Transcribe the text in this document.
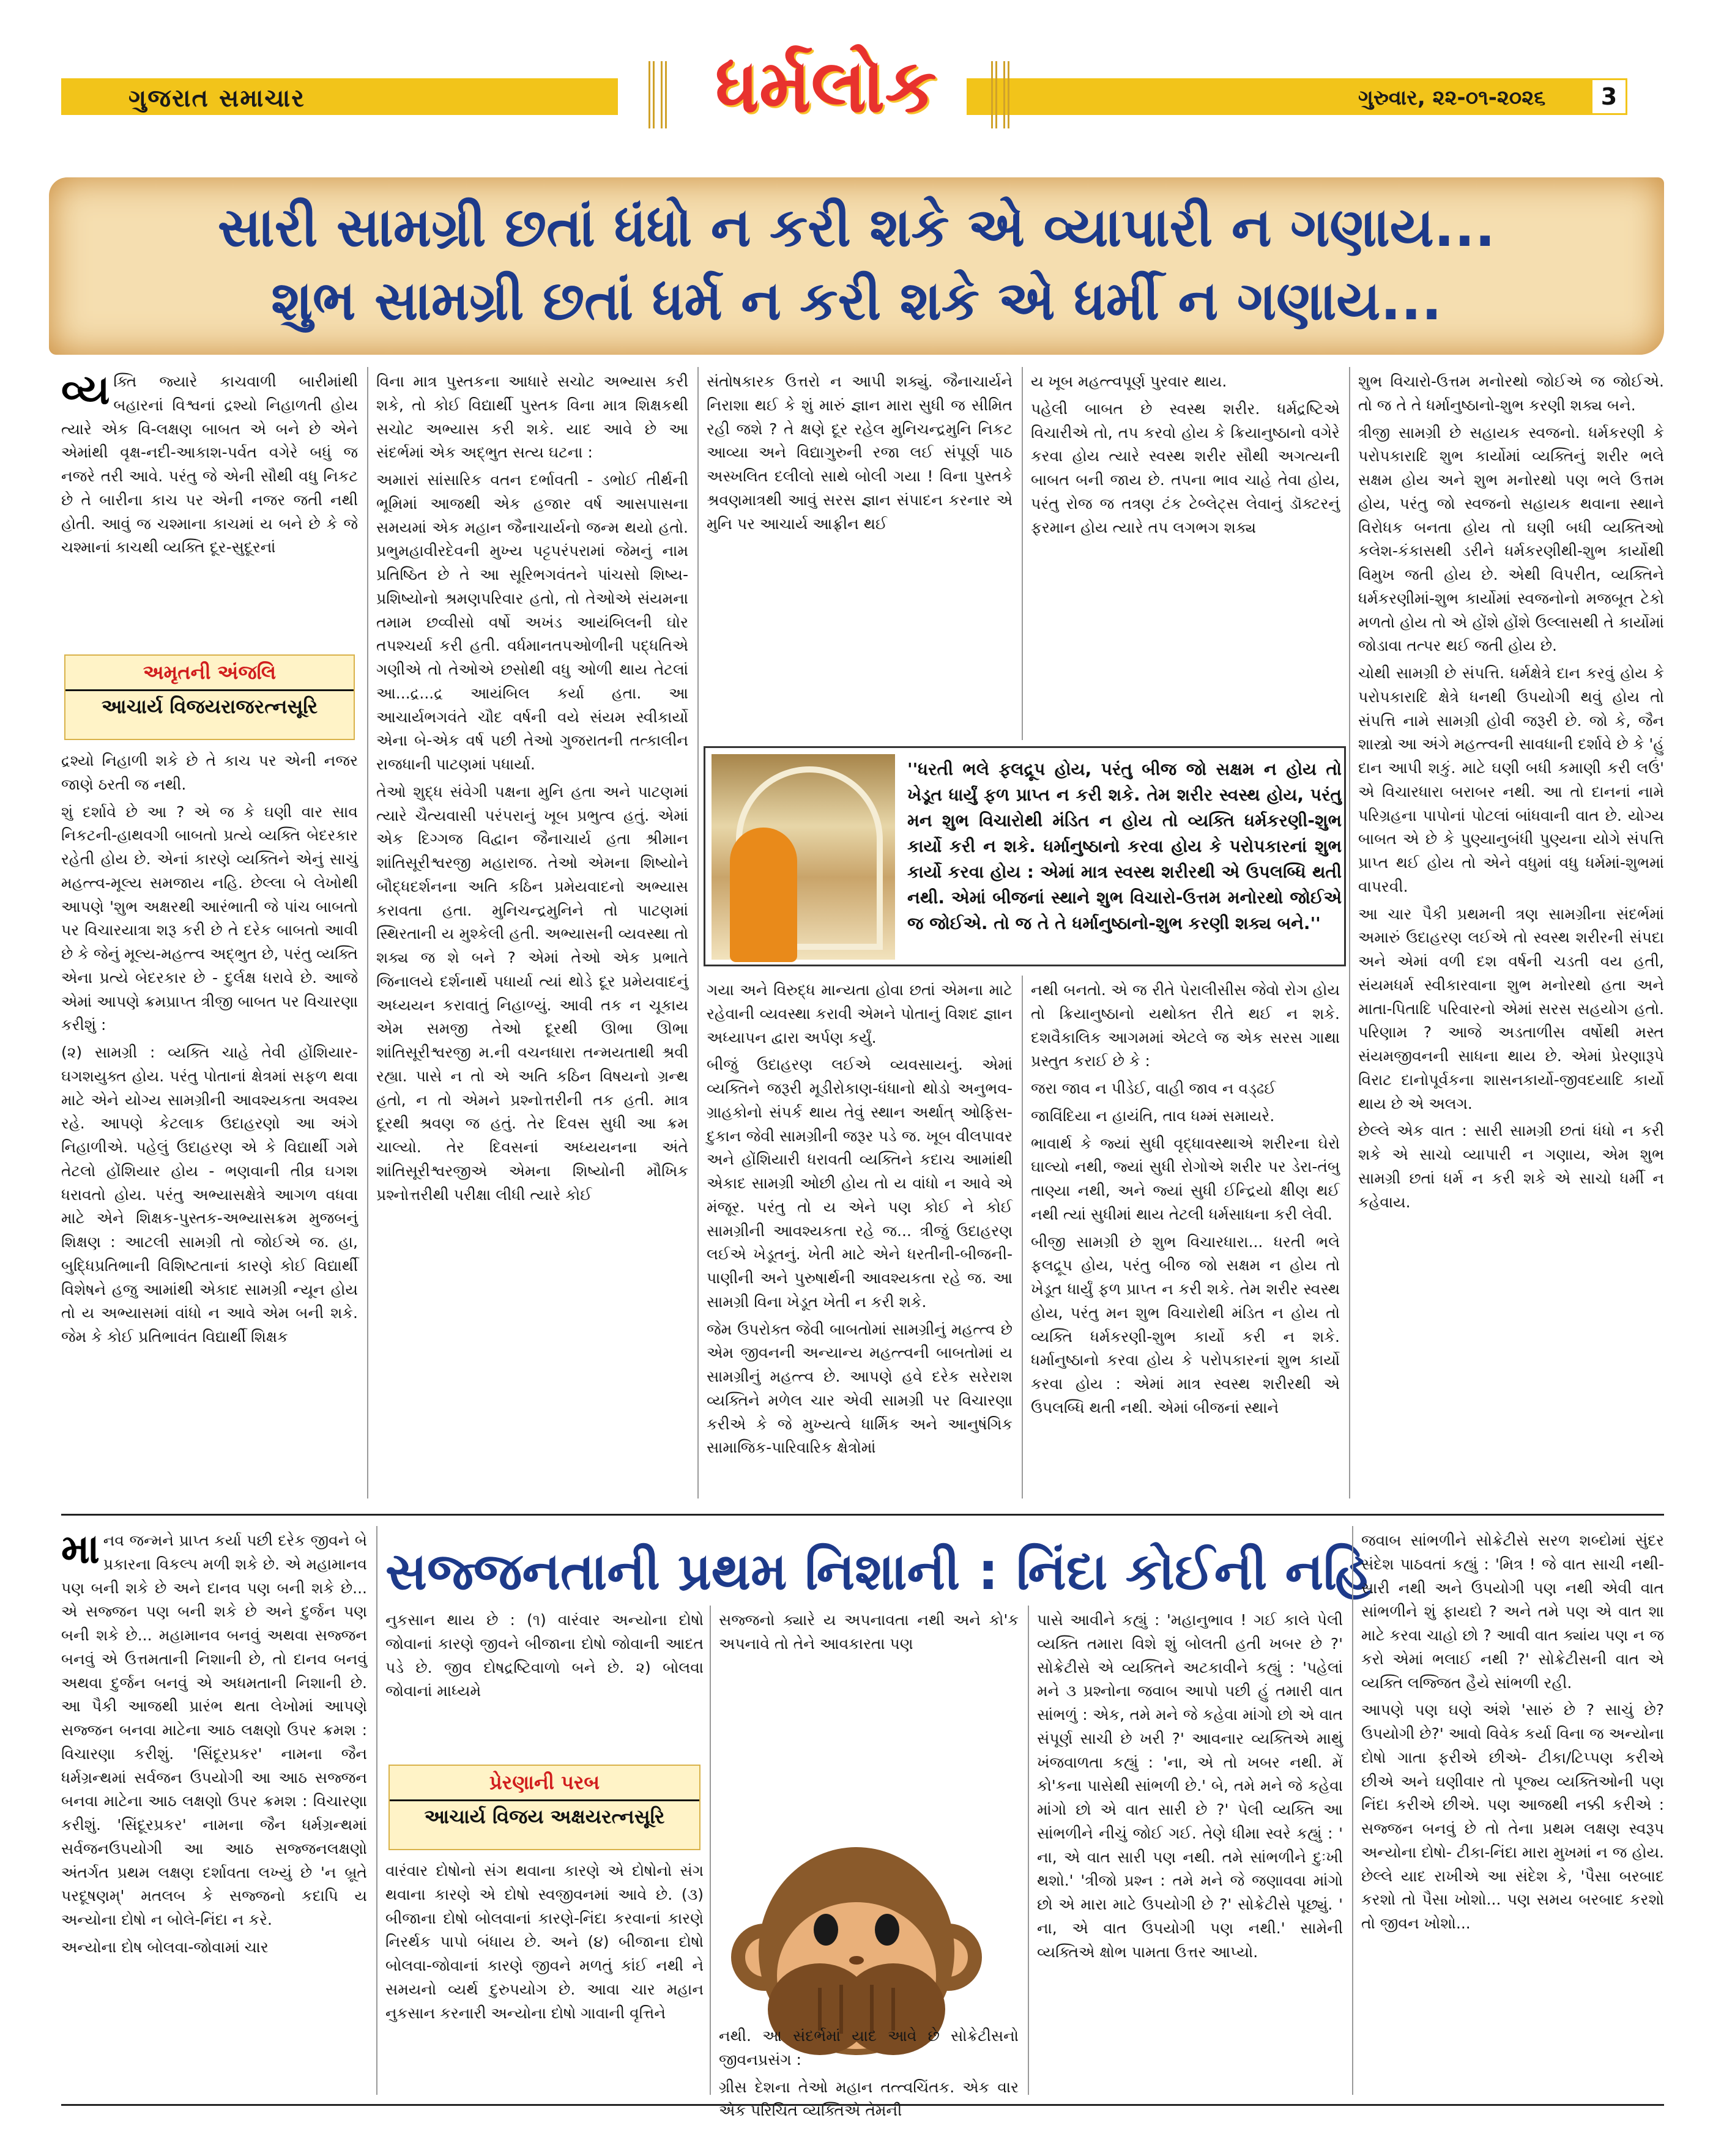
ગુજરાત સમાચાર	ધર્મલોક	ગુરુવાર, ૨૨-૦૧-૨૦૨૬	3
સારી સામગ્રી છતાં ધંધો ન કરી શકે એ વ્યાપારી ન ગણાય...
શુભ સામગ્રી છતાં ધર્મ ન કરી શકે એ ધર્મી ન ગણાય...

વ્ય ક્તિ જ્યારે કાચવાળી બારીમાંથી બહારનાં વિશ્વનાં દ્રશ્યો નિહાળતી હોય ત્યારે એક વિ-લક્ષણ બાબત એ બને છે એને એમાંથી વૃક્ષ-નદી-આકાશ-પર્વત વગેરે બધું જ નજરે તરી આવે. પરંતુ જે એની સૌથી વધુ નિકટ છે તે બારીના કાચ પર એની નજર જતી નથી હોતી. આવું જ ચશ્માના કાચમાં ય બને છે કે જે ચશ્માનાં કાચથી વ્યક્તિ દૂર-સુદૂરનાં

અમૃતની અંજલિ
આચાર્ય વિજયરાજરત્નસૂરિ

દ્રશ્યો નિહાળી શકે છે તે કાચ પર એની નજર જાણે ઠરતી જ નથી.

શું દર્શાવે છે આ ? એ જ કે ઘણી વાર સાવ નિકટની-હાથવગી બાબતો પ્રત્યે વ્યક્તિ બેદરકાર રહેતી હોય છે. એનાં કારણે વ્યક્તિને એનું સાચું મહત્ત્વ-મૂલ્ય સમજાય નહિ. છેલ્લા બે લેખોથી આપણે 'શુભ અક્ષરથી આરંભાતી જે પાંચ બાબતો પર વિચારયાત્રા શરૂ કરી છે તે દરેક બાબતો આવી છે કે જેનું મૂલ્ય-મહત્ત્વ અદ્ભુત છે, પરંતુ વ્યક્તિ એના પ્રત્યે બેદરકાર છે - દુર્લક્ષ ધરાવે છે. આજે એમાં આપણે ક્રમપ્રાપ્ત ત્રીજી બાબત પર વિચારણા કરીશું :

(૨) સામગ્રી : વ્યક્તિ ચાહે તેવી હોંશિયાર-ઘગશયુક્ત હોય. પરંતુ પોતાનાં ક્ષેત્રમાં સફળ થવા માટે એને યોગ્ય સામગ્રીની આવશ્યકતા અવશ્ય રહે. આપણે કેટલાક ઉદાહરણો આ અંગે નિહાળીએ. પહેલું ઉદાહરણ એ કે વિદ્યાર્થી ગમે તેટલો હોંશિયાર હોય - ભણવાની તીવ્ર ઘગશ ધરાવતો હોય. પરંતુ અભ્યાસક્ષેત્રે આગળ વધવા માટે એને શિક્ષક-પુસ્તક-અભ્યાસક્રમ મુજબનું શિક્ષણ : આટલી સામગ્રી તો જોઈએ જ. હા, બુદ્ધિપ્રતિભાની વિશિષ્ટતાનાં કારણે કોઈ વિદ્યાર્થી વિશેષને હજુ આમાંથી એકાદ સામગ્રી ન્યૂન હોય તો ય અભ્યાસમાં વાંધો ન આવે એમ બની શકે. જેમ કે કોઈ પ્રતિભાવંત વિદ્યાર્થી શિક્ષક

વિના માત્ર પુસ્તકના આધારે સચોટ અભ્યાસ કરી શકે, તો કોઈ વિદ્યાર્થી પુસ્તક વિના માત્ર શિક્ષકથી સચોટ અભ્યાસ કરી શકે. યાદ આવે છે આ સંદર્ભમાં એક અદ્ભુત સત્ય ઘટના :

અમારાં સાંસારિક વતન દર્ભાવતી - ડભોઈ તીર્થની ભૂમિમાં આજથી એક હજાર વર્ષ આસપાસના સમયમાં એક મહાન જૈનાચાર્યનો જન્મ થયો હતો. પ્રભુમહાવીરદેવની મુખ્ય પટ્ટપરંપરામાં જેમનું નામ પ્રતિષ્ઠિત છે તે આ સૂરિભગવંતને પાંચસો શિષ્ય-પ્રશિષ્યોનો શ્રમણપરિવાર હતો, તો તેઓએ સંયમના તમામ છવ્વીસો વર્ષો અખંડ આયંબિલની ઘોર તપશ્ચર્યા કરી હતી. વર્ધમાનતપઓળીની પદ્ધતિએ ગણીએ તો તેઓએ છસોથી વધુ ઓળી થાય તેટલાં આ...દ્ર...દ્ર આયંબિલ કર્યા હતા. આ આચાર્યભગવંતે ચૌદ વર્ષની વયે સંયમ સ્વીકાર્યો એના બે-એક વર્ષ પછી તેઓ ગુજરાતની તત્કાલીન રાજધાની પાટણમાં પધાર્યા.

તેઓ શુદ્ધ સંવેગી પક્ષના મુનિ હતા અને પાટણમાં ત્યારે ચૈત્યવાસી પરંપરાનું ખૂબ પ્રભુત્વ હતું. એમાં એક દિગ્ગજ વિદ્વાન જૈનાચાર્ય હતા શ્રીમાન શાંતિસૂરીશ્વરજી મહારાજ. તેઓ એમના શિષ્યોને બૌદ્ધદર્શનના અતિ કઠિન પ્રમેયવાદનો અભ્યાસ કરાવતા હતા. મુનિચન્દ્રમુનિને તો પાટણમાં સ્થિરતાની ય મુશ્કેલી હતી. અભ્યાસની વ્યવસ્થા તો શક્ય જ શે બને ? એમાં તેઓ એક પ્રભાતે જિનાલયે દર્શનાર્થે પધાર્યા ત્યાં થોડે દૂર પ્રમેયવાદનું અધ્યયન કરાવાતું નિહાળ્યું. આવી તક ન ચૂકાય એમ સમજી તેઓ દૂરથી ઊભા ઊભા શાંતિસૂરીશ્વરજી મ.ની વચનધારા તન્મયતાથી શ્રવી રહ્યા. પાસે ન તો એ અતિ કઠિન વિષયનો ગ્રન્થ હતો, ન તો એમને પ્રશ્નોત્તરીની તક હતી. માત્ર દૂરથી શ્રવણ જ હતું. તેર દિવસ સુધી આ ક્રમ ચાલ્યો. તેર દિવસનાં અધ્યયનના અંતે શાંતિસૂરીશ્વરજીએ એમના શિષ્યોની મૌખિક પ્રશ્નોત્તરીથી પરીક્ષા લીધી ત્યારે કોઈ

સંતોષકારક ઉત્તરો ન આપી શક્યું. જૈનાચાર્યને નિરાશા થઈ કે શું મારું જ્ઞાન મારા સુધી જ સીમિત રહી જશે ? તે ક્ષણે દૂર રહેલ મુનિચન્દ્રમુનિ નિકટ આવ્યા અને વિદ્યાગુરુની રજા લઈ સંપૂર્ણ પાઠ અસ્ખલિત દલીલો સાથે બોલી ગયા ! વિના પુસ્તકે શ્રવણમાત્રથી આવું સરસ જ્ઞાન સંપાદન કરનાર એ મુનિ પર આચાર્ય આફ્રીન થઈ

''ધરતી ભલે ફલદ્રૂપ હોય, પરંતુ બીજ જો સક્ષમ ન હોય તો ખેડૂત ધાર્યું ફળ પ્રાપ્ત ન કરી શકે. તેમ શરીર સ્વસ્થ હોય, પરંતુ મન શુભ વિચારોથી મંડિત ન હોય તો વ્યક્તિ ધર્મકરણી-શુભ કાર્યો કરી ન શકે. ધર્માનુષ્ઠાનો કરવા હોય કે પરોપકારનાં શુભ કાર્યો કરવા હોય : એમાં માત્ર સ્વસ્થ શરીરથી એ ઉપલબ્ધિ થતી નથી. એમાં બીજનાં સ્થાને શુભ વિચારો-ઉત્તમ મનોરથો જોઈએ જ જોઈએ. તો જ તે તે ધર્માનુષ્ઠાનો-શુભ કરણી શક્ય બને.''

ગયા અને વિરુદ્ધ માન્યતા હોવા છતાં એમના માટે રહેવાની વ્યવસ્થા કરાવી એમને પોતાનું વિશદ જ્ઞાન અધ્યાપન દ્વારા અર્પણ કર્યું.

બીજું ઉદાહરણ લઈએ વ્યવસાયનું. એમાં વ્યક્તિને જરૂરી મૂડીરોકાણ-ધંધાનો થોડો અનુભવ-ગ્રાહકોનો સંપર્ક થાય તેવું સ્થાન અર્થાત્ ઓફિસ-દુકાન જેવી સામગ્રીની જરૂર પડે જ. ખૂબ વીલપાવર અને હોંશિયારી ધરાવતી વ્યક્તિને કદાચ આમાંથી એકાદ સામગ્રી ઓછી હોય તો ય વાંધો ન આવે એ મંજૂર. પરંતુ તો ય એને પણ કોઈ ને કોઈ સામગ્રીની આવશ્યકતા રહે જ... ત્રીજું ઉદાહરણ લઈએ ખેડૂતનું. ખેતી માટે એને ધરતીની-બીજની-પાણીની અને પુરુષાર્થની આવશ્યકતા રહે જ. આ સામગ્રી વિના ખેડૂત ખેતી ન કરી શકે.

જેમ ઉપરોક્ત જેવી બાબતોમાં સામગ્રીનું મહત્ત્વ છે એમ જીવનની અન્યાન્ય મહત્ત્વની બાબતોમાં ય સામગ્રીનું મહત્ત્વ છે. આપણે હવે દરેક સરેરાશ વ્યક્તિને મળેલ ચાર એવી સામગ્રી પર વિચારણા કરીએ કે જે મુખ્યત્વે ધાર્મિક અને આનુષંગિક સામાજિક-પારિવારિક ક્ષેત્રોમાં

ય ખૂબ મહત્ત્વપૂર્ણ પુરવાર થાય.

પહેલી બાબત છે સ્વસ્થ શરીર. ધર્મદ્રષ્ટિએ વિચારીએ તો, તપ કરવો હોય કે ક્રિયાનુષ્ઠાનો વગેરે કરવા હોય ત્યારે સ્વસ્થ શરીર સૌથી અગત્યની બાબત બની જાય છે. તપના ભાવ ચાહે તેવા હોય, પરંતુ રોજ જ તત્રણ ટંક ટેબ્લેટ્સ લેવાનું ડૉક્ટરનું ફરમાન હોય ત્યારે તપ લગભગ શક્ય

નથી બનતો. એ જ રીતે પેરાલીસીસ જેવો રોગ હોય તો ક્રિયાનુષ્ઠાનો યથોક્ત રીતે થઈ ન શકે. દશવૈકાલિક આગમમાં એટલે જ એક સરસ ગાથા પ્રસ્તુત કરાઈ છે કે :

જરા જાવ ન પીડેઈ, વાહી જાવ ન વડ્ઢઈ

જાવિંદિયા ન હાયંતિ, તાવ ધમ્મં સમાયરે.

ભાવાર્થ કે જ્યાં સુધી વૃદ્ધાવસ્થાએ શરીરના ઘેરો ઘાલ્યો નથી, જ્યાં સુધી રોગોએ શરીર પર ડેરા-તંબુ તાણ્યા નથી, અને જ્યાં સુધી ઈન્દ્રિયો ક્ષીણ થઈ નથી ત્યાં સુધીમાં થાય તેટલી ધર્મસાધના કરી લેવી.

બીજી સામગ્રી છે શુભ વિચારધારા... ધરતી ભલે ફલદ્રૂપ હોય, પરંતુ બીજ જો સક્ષમ ન હોય તો ખેડૂત ધાર્યું ફળ પ્રાપ્ત ન કરી શકે. તેમ શરીર સ્વસ્થ હોય, પરંતુ મન શુભ વિચારોથી મંડિત ન હોય તો વ્યક્તિ ધર્મકરણી-શુભ કાર્યો કરી ન શકે. ધર્માનુષ્ઠાનો કરવા હોય કે પરોપકારનાં શુભ કાર્યો કરવા હોય : એમાં માત્ર સ્વસ્થ શરીરથી એ ઉપલબ્ધિ થતી નથી. એમાં બીજનાં સ્થાને

શુભ વિચારો-ઉત્તમ મનોરથો જોઈએ જ જોઈએ. તો જ તે તે ધર્માનુષ્ઠાનો-શુભ કરણી શક્ય બને.

ત્રીજી સામગ્રી છે સહાયક સ્વજનો. ધર્મકરણી કે પરોપકારાદિ શુભ કાર્યોમાં વ્યક્તિનું શરીર ભલે સક્ષમ હોય અને શુભ મનોરથો પણ ભલે ઉત્તમ હોય, પરંતુ જો સ્વજનો સહાયક થવાના સ્થાને વિરોધક બનતા હોય તો ઘણી બધી વ્યક્તિઓ કલેશ-કંકાસથી ડરીને ધર્મકરણીથી-શુભ કાર્યોથી વિમુખ જતી હોય છે. એથી વિપરીત, વ્યક્તિને ધર્મકરણીમાં-શુભ કાર્યોમાં સ્વજનોનો મજબૂત ટેકો મળતો હોય તો એ હોંશે હોંશે ઉલ્લાસથી તે કાર્યોમાં જોડાવા તત્પર થઈ જતી હોય છે.

ચોથી સામગ્રી છે સંપત્તિ. ધર્મક્ષેત્રે દાન કરવું હોય કે પરોપકારાદિ ક્ષેત્રે ધનથી ઉપયોગી થવું હોય તો સંપત્તિ નામે સામગ્રી હોવી જરૂરી છે. જો કે, જૈન શાસ્ત્રો આ અંગે મહત્ત્વની સાવધાની દર્શાવે છે કે 'હું દાન આપી શકું. માટે ઘણી બધી કમાણી કરી લઉં' એ વિચારધારા બરાબર નથી. આ તો દાનનાં નામે પરિગ્રહના પાપોનાં પોટલાં બાંધવાની વાત છે. યોગ્ય બાબત એ છે કે પુણ્યાનુબંધી પુણ્યના યોગે સંપત્તિ પ્રાપ્ત થઈ હોય તો એને વધુમાં વધુ ધર્મમાં-શુભમાં વાપરવી.

આ ચાર પૈકી પ્રથમની ત્રણ સામગ્રીના સંદર્ભમાં અમારું ઉદાહરણ લઈએ તો સ્વસ્થ શરીરની સંપદા અને એમાં વળી દશ વર્ષની ચડતી વય હતી, સંયમધર્મ સ્વીકારવાના શુભ મનોરથો હતા અને માતા-પિતાદિ પરિવારનો એમાં સરસ સહયોગ હતો. પરિણામ ? આજે અડતાળીસ વર્ષોથી મસ્ત સંયમજીવનની સાધના થાય છે. એમાં પ્રેરણારૂપે વિરાટ દાનોપૂર્વકના શાસનકાર્યો-જીવદયાદિ કાર્યો થાય છે એ અલગ.

છેલ્લે એક વાત : સારી સામગ્રી છતાં ધંધો ન કરી શકે એ સાચો વ્યાપારી ન ગણાય, એમ શુભ સામગ્રી છતાં ધર્મ ન કરી શકે એ સાચો ધર્મી ન કહેવાય.

માનવ જન્મને પ્રાપ્ત કર્યા પછી દરેક જીવને બે પ્રકારના વિકલ્પ મળી શકે છે. એ મહામાનવ પણ બની શકે છે અને દાનવ પણ બની શકે છે... એ સજ્જન પણ બની શકે છે અને દુર્જન પણ બની શકે છે... મહામાનવ બનવું અથવા સજ્જન બનવું એ ઉત્તમતાની નિશાની છે, તો દાનવ બનવું અથવા દુર્જન બનવું એ અધમતાની નિશાની છે. આ પૈકી આજથી પ્રારંભ થતા લેખોમાં આપણે સજ્જન બનવા માટેના આઠ લક્ષણો ઉપર ક્રમશ : વિચારણા કરીશું. 'સિંદૂરપ્રકર' નામના જૈન ધર્મગ્રન્થમાં સર્વજન ઉપયોગી આ આઠ સજ્જન બનવા માટેના આઠ લક્ષણો ઉપર ક્રમશ : વિચારણા કરીશું. 'સિંદૂરપ્રકર' નામના જૈન ધર્મગ્રન્થમાં સર્વજનઉપયોગી આ આઠ સજ્જનલક્ષણો અંતર્ગત પ્રથમ લક્ષણ દર્શાવતા લખ્યું છે 'ન બ્રૂતે પરદૂષણમ્' મતલબ કે સજ્જનો કદાપિ ય અન્યોના દોષો ન બોલે-નિંદા ન કરે.

અન્યોના દોષ બોલવા-જોવામાં ચાર

સજ્જનતાની પ્રથમ નિશાની : નિંદા કોઈની નહિ

નુકસાન થાય છે : (૧) વારંવાર અન્યોના દોષો જોવાનાં કારણે જીવને બીજાના દોષો જોવાની આદત પડે છે. જીવ દોષદ્રષ્ટિવાળો બને છે. ૨) બોલવા જોવાનાં માધ્યમે

પ્રેરણાની પરબ
આચાર્ય વિજય અક્ષયરત્નસૂરિ

વારંવાર દોષોનો સંગ થવાના કારણે એ દોષોનો સંગ થવાના કારણે એ દોષો સ્વજીવનમાં આવે છે. (૩) બીજાના દોષો બોલવાનાં કારણે-નિંદા કરવાનાં કારણે નિરર્થક પાપો બંધાય છે. અને (૪) બીજાના દોષો બોલવા-જોવાનાં કારણે જીવને મળતું કાંઈ નથી ને સમયનો વ્યર્થ દુરુપયોગ છે. આવા ચાર મહાન નુકસાન કરનારી અન્યોના દોષો ગાવાની વૃત્તિને

સજ્જનો ક્યારે ય અપનાવતા નથી અને કો'ક અપનાવે તો તેને આવકારતા પણ

નથી. આ સંદર્ભમાં યાદ આવે છે સોક્રેટીસનો જીવનપ્રસંગ :

ગ્રીસ દેશના તેઓ મહાન તત્ત્વચિંતક. એક વાર એક પરિચિત વ્યક્તિએ તેમની

પાસે આવીને કહ્યું : 'મહાનુભાવ ! ગઈ કાલે પેલી વ્યક્તિ તમારા વિશે શું બોલતી હતી ખબર છે ?' સોક્રેટીસે એ વ્યક્તિને અટકાવીને કહ્યું : 'પહેલાં મને ૩ પ્રશ્નોના જવાબ આપો પછી હું તમારી વાત સાંભળું : એક, તમે મને જે કહેવા માંગો છો એ વાત સંપૂર્ણ સાચી છે ખરી ?' આવનાર વ્યક્તિએ માથું ખંજવાળતા કહ્યું : 'ના, એ તો ખબર નથી. મેં કો'કના પાસેથી સાંભળી છે.' બે, તમે મને જે કહેવા માંગો છો એ વાત સારી છે ?' પેલી વ્યક્તિ આ સાંભળીને નીચું જોઈ ગઈ. તેણે ધીમા સ્વરે કહ્યું : ' ના, એ વાત સારી પણ નથી. તમે સાંભળીને દુઃખી થશો.' 'ત્રીજો પ્રશ્ન : તમે મને જે જણાવવા માંગો છો એ મારા માટે ઉપયોગી છે ?' સોક્રેટીસે પૂછ્યું. ' ના, એ વાત ઉપયોગી પણ નથી.' સામેની વ્યક્તિએ ક્ષોભ પામતા ઉત્તર આપ્યો.

જવાબ સાંભળીને સોક્રેટીસે સરળ શબ્દોમાં સુંદર સંદેશ પાઠવતાં કહ્યું : 'મિત્ર ! જે વાત સાચી નથી- સારી નથી અને ઉપયોગી પણ નથી એવી વાત સાંભળીને શું ફાયદો ? અને તમે પણ એ વાત શા માટે કરવા ચાહો છો ? આવી વાત ક્યાંય પણ ન જ કરો એમાં ભલાઈ નથી ?' સોક્રેટીસની વાત એ વ્યક્તિ લજ્જિત હૈયે સાંભળી રહી.

આપણે પણ ઘણે અંશે 'સારું છે ? સાચું છે? ઉપયોગી છે?' આવો વિવેક કર્યા વિના જ અન્યોના દોષો ગાતા ફરીએ છીએ- ટીકા/ટિપ્પણ કરીએ છીએ અને ઘણીવાર તો પૂજ્ય વ્યક્તિઓની પણ નિંદા કરીએ છીએ. પણ આજથી નક્કી કરીએ : સજ્જન બનવું છે તો તેના પ્રથમ લક્ષણ સ્વરૂપ અન્યોના દોષો- ટીકા-નિંદા મારા મુખમાં ન જ હોય. છેલ્લે યાદ રાખીએ આ સંદેશ કે, 'પૈસા બરબાદ કરશો તો પૈસા ખોશો... પણ સમય બરબાદ કરશો તો જીવન ખોશો...
